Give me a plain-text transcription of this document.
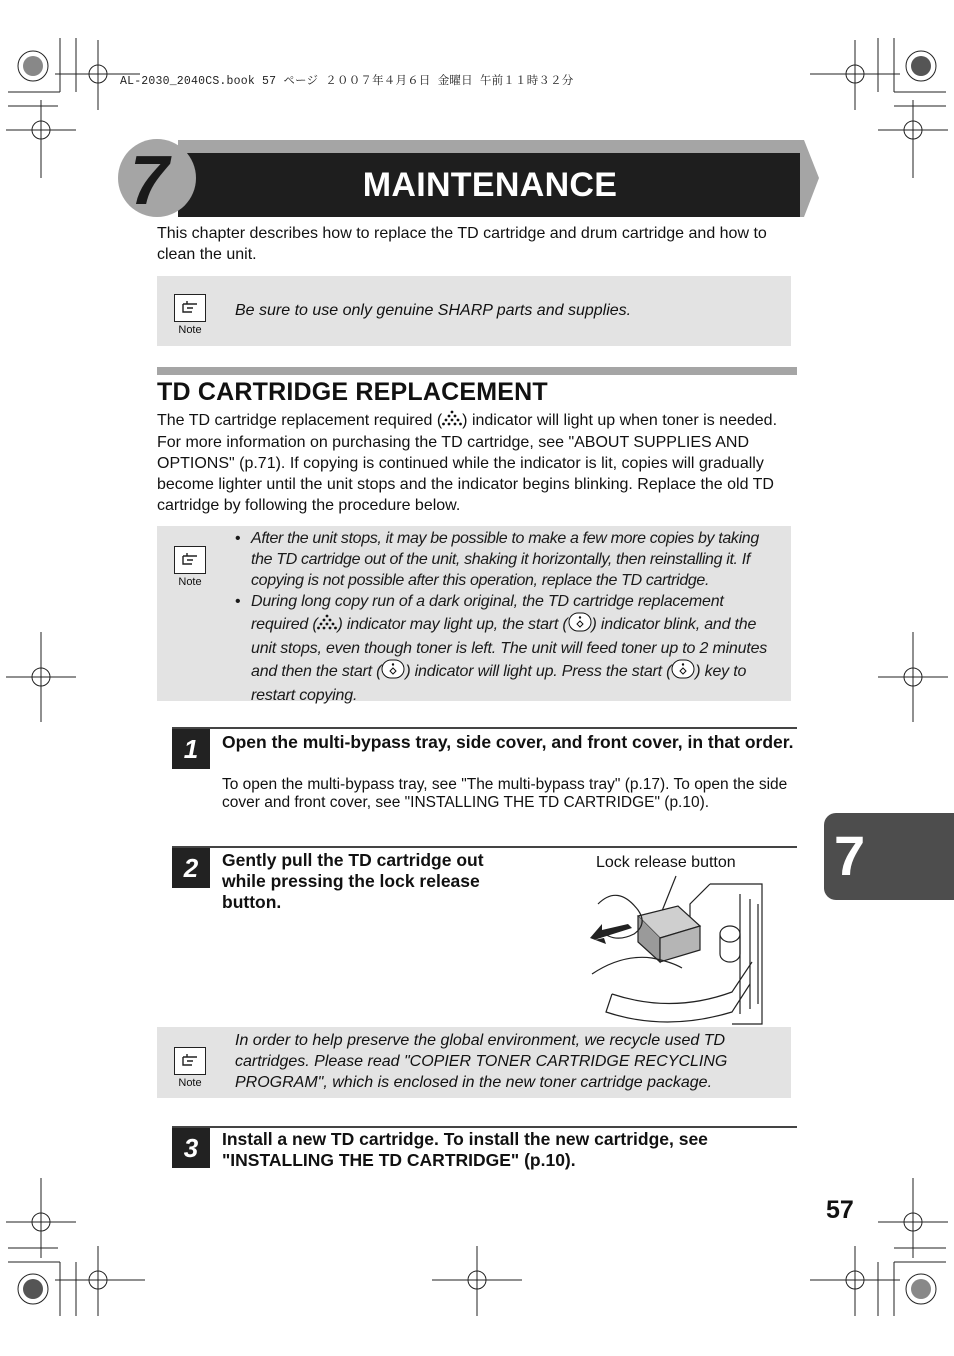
AL-2030_2040CS.book 57 ページ ２００７年４月６日 金曜日 午前１１時３２分
7	MAINTENANCE
This chapter describes how to replace the TD cartridge and drum cartridge and how to clean the unit.
Note
Be sure to use only genuine SHARP parts and supplies.
TD CARTRIDGE REPLACEMENT
The TD cartridge replacement required ( ) indicator will light up when toner is needed. For more information on purchasing the TD cartridge, see "ABOUT SUPPLIES AND OPTIONS" (p.71). If copying is continued while the indicator is lit, copies will gradually become lighter until the unit stops and the indicator begins blinking. Replace the old TD cartridge by following the procedure below.
Note
• After the unit stops, it may be possible to make a few more copies by taking the TD cartridge out of the unit, shaking it horizontally, then reinstalling it. If copying is not possible after this operation, replace the TD cartridge.
• During long copy run of a dark original, the TD cartridge replacement required ( ) indicator may light up, the start ( ) indicator blink, and the unit stops, even though toner is left. The unit will feed toner up to 2 minutes and then the start ( ) indicator will light up. Press the start ( ) key to restart copying.
1	Open the multi-bypass tray, side cover, and front cover, in that order.
To open the multi-bypass tray, see "The multi-bypass tray" (p.17). To open the side cover and front cover, see "INSTALLING THE TD CARTRIDGE" (p.10).
2	Gently pull the TD cartridge out while pressing the lock release button.
Lock release button
Note
In order to help preserve the global environment, we recycle used TD cartridges. Please read "COPIER TONER CARTRIDGE RECYCLING PROGRAM", which is enclosed in the new toner cartridge package.
3	Install a new TD cartridge. To install the new cartridge, see "INSTALLING THE TD CARTRIDGE" (p.10).
7
57
